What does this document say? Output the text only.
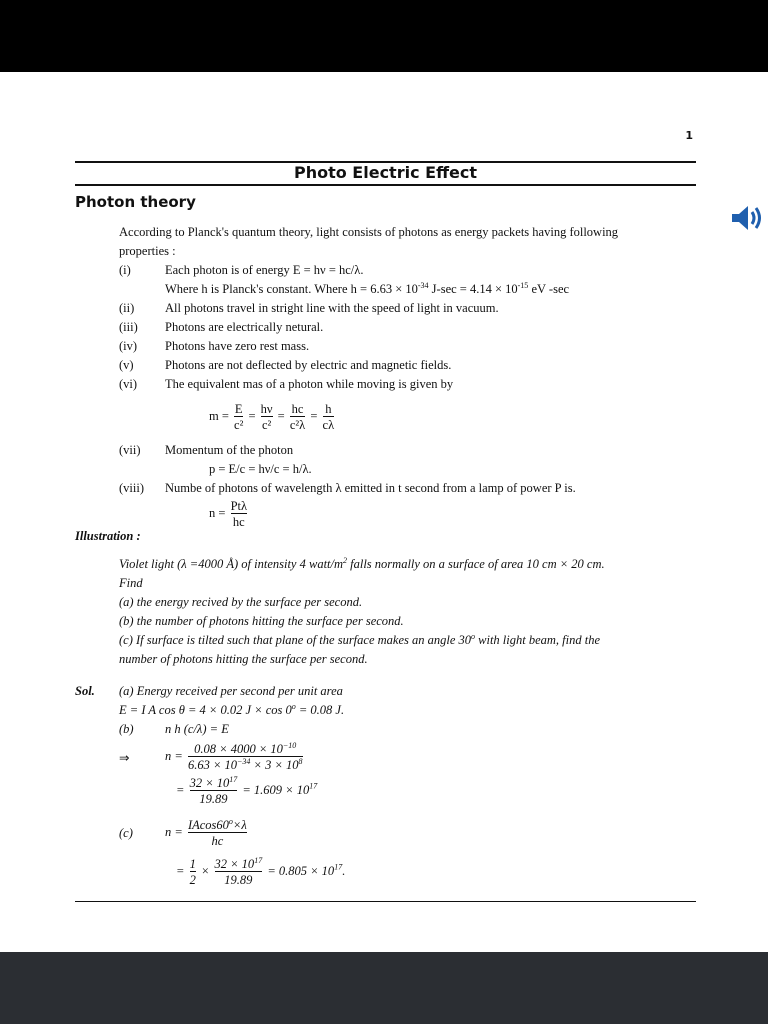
1
Photo Electric Effect
Photon theory
According to Planck's quantum theory, light consists of photons as energy packets having following
properties :
(i)	Each photon is of energy E = hν = hc/λ.
Where h is Planck's constant. Where $h = 6.63 \times 10^{-34}$ $J-\sec = 4.14 \times 10^{-15}$ eV -sec
(ii) All photons travel in stright line with the speed of light in vacuum.
(iii) Photons are electrically netural.
(iv) Photons have zero rest mass.
(v)	Photons are not deflected by electric and magnetic fields.
(vi) The equivalent mas of a photon while moving is given by
$m = \frac{E}{\text{c²}} = \frac{h\nu}{\text{c²}} = \frac{hc}{\text{c²λ}} = \frac{h}{c\lambda}$
(vii) Momentum of the photon
p = E/c = hν/c = h/λ.
(viii) Numbe of photons of wavelength λ emitted in t second from a lamp of power P is.
$n = \frac{\text{Ptλ}}{hc}$
Illustration :
Violet light (λ =4000 Å) of intensity 4 watt/$m^2$ falls normally on a surface of area 10 cm × 20 cm.
Find
(a) the energy recived by the surface per second.
(b) the number of photons hitting the surface per second.
(c) If surface is tilted such that plane of the surface makes an angle 30$^o$ with light beam, find the
number of photons hitting the surface per second.
Sol. (a) Energy received per second per unit area
E = I A cos θ = 4 × 0.02 $J \times \cos 0^o = 0.08$ J.
(b)	n h (c/λ) = E
⇒	$n = \frac{0.08 \times 4000 \times 10^{-10}}{6.63 \times 10^{-34} \times 3 \times 10^8}$
= $\frac{32 \times 10^{17}}{19.89} = 1.609 \times 10^{17}$
(c)	$n = \frac{IAcos60^o\times\lambda}{hc}$
= $\frac{1}{2} \times \frac{32 \times 10^{17}}{19.89} = 0.805 \times 10^{17}$.
